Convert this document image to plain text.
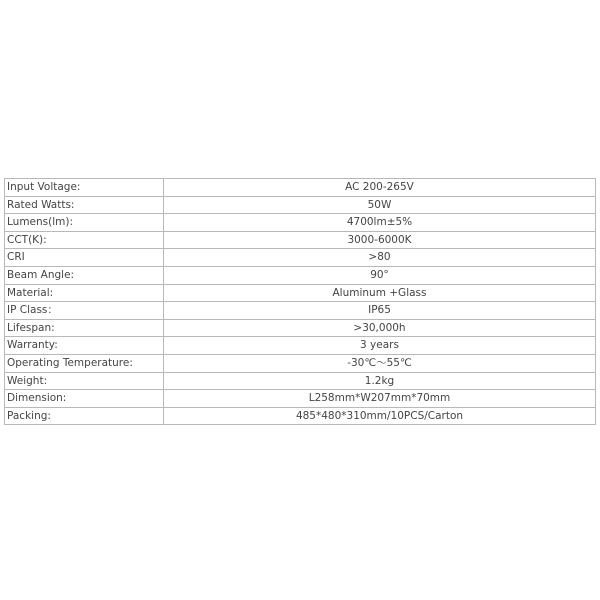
Input Voltage:	AC 200-265V
Rated Watts:	50W
Lumens(lm):	4700lm±5%
CCT(K):	3000-6000K
CRI	>80
Beam Angle:	90°
Material:	Aluminum +Glass
IP Class：	IP65
Lifespan:	>30,000h
Warranty:	3 years
Operating Temperature:	-30℃～55℃
Weight:	1.2kg
Dimension:	L258mm*W207mm*70mm
Packing:	485*480*310mm/10PCS/Carton
